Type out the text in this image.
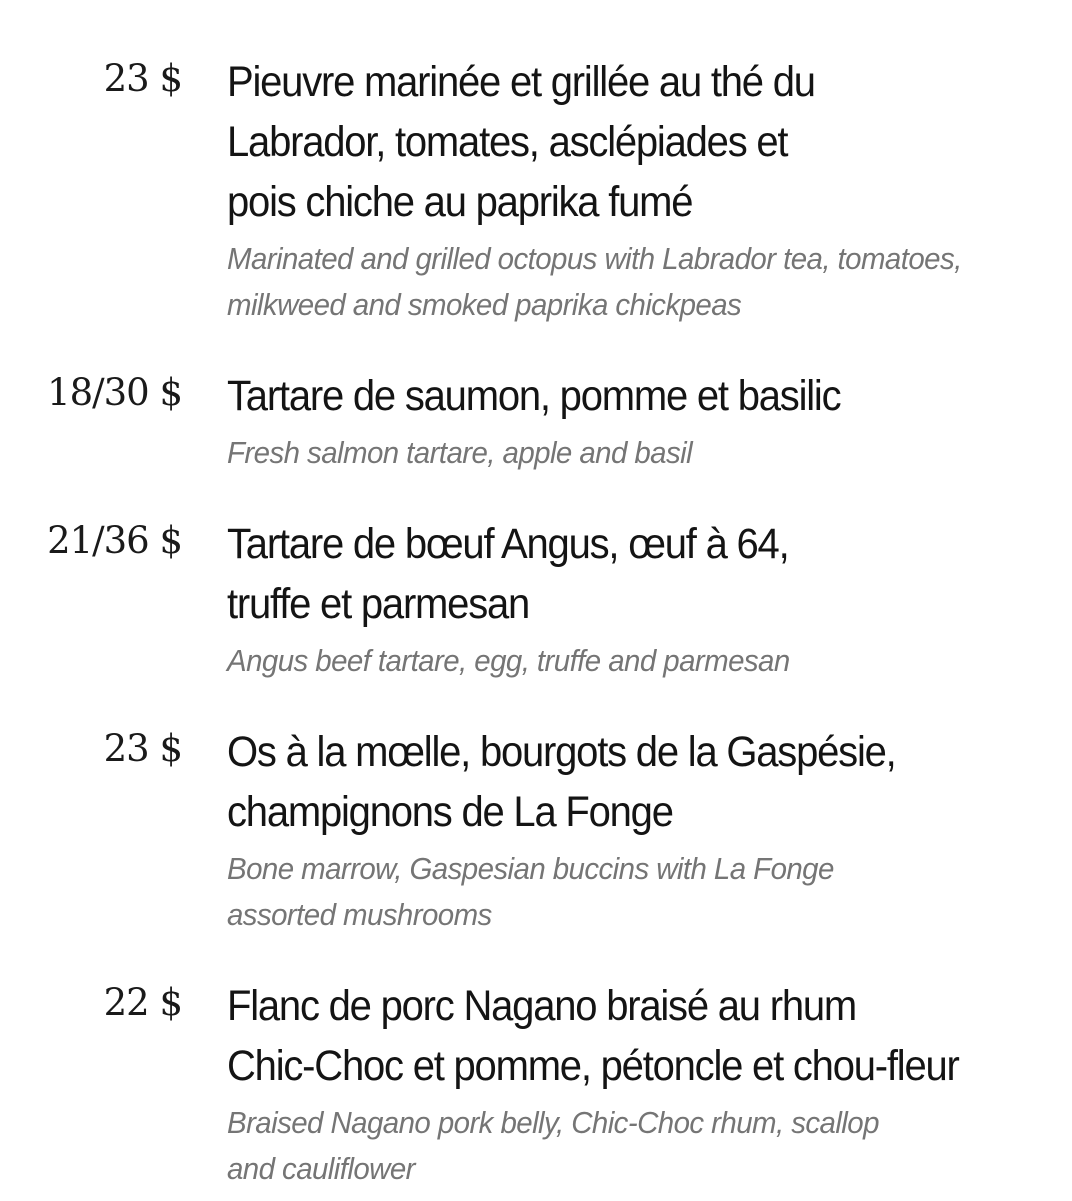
23 $ Pieuvre marinée et grillée au thé du
Labrador, tomates, asclépiades et
pois chiche au paprika fumé
Marinated and grilled octopus with Labrador tea, tomatoes,
milkweed and smoked paprika chickpeas
18/30 $ Tartare de saumon, pomme et basilic
Fresh salmon tartare, apple and basil
21/36 $ Tartare de bœuf Angus, œuf à 64,
truffe et parmesan
Angus beef tartare, egg, truffe and parmesan
23 $ Os à la mœlle, bourgots de la Gaspésie,
champignons de La Fonge
Bone marrow, Gaspesian buccins with La Fonge
assorted mushrooms
22 $ Flanc de porc Nagano braisé au rhum
Chic-Choc et pomme, pétoncle et chou-fleur
Braised Nagano pork belly, Chic-Choc rhum, scallop
and cauliflower
